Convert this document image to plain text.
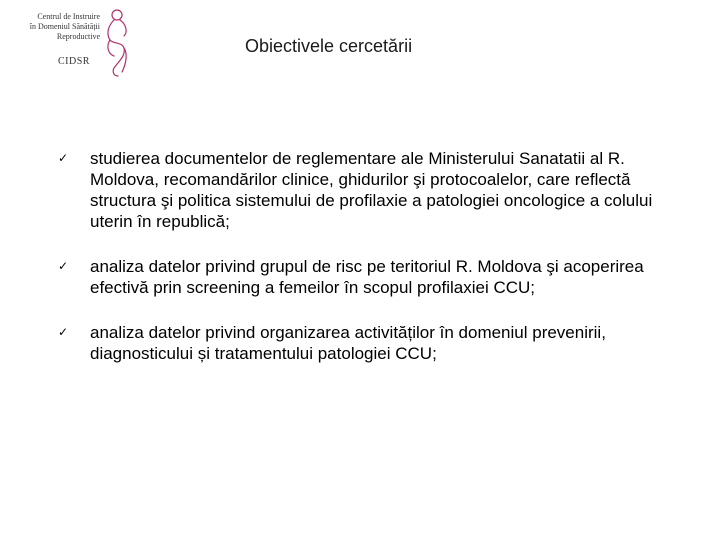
Centrul de Instruire
în Domeniul Sănătății
Reproductive
CIDSR
Obiectivele cercetării
✓ studierea documentelor de reglementare ale Ministerului Sanatatii al R. Moldova, recomandărilor clinice, ghidurilor şi protocoalelor, care reflectă structura şi politica sistemului de profilaxie a patologiei oncologice a colului uterin în republică;
✓ analiza datelor privind grupul de risc pe teritoriul R. Moldova şi acoperirea efectivă prin screening a femeilor în scopul profilaxiei CCU;
✓ analiza datelor privind organizarea activităților în domeniul prevenirii, diagnosticului și tratamentului patologiei CCU;
